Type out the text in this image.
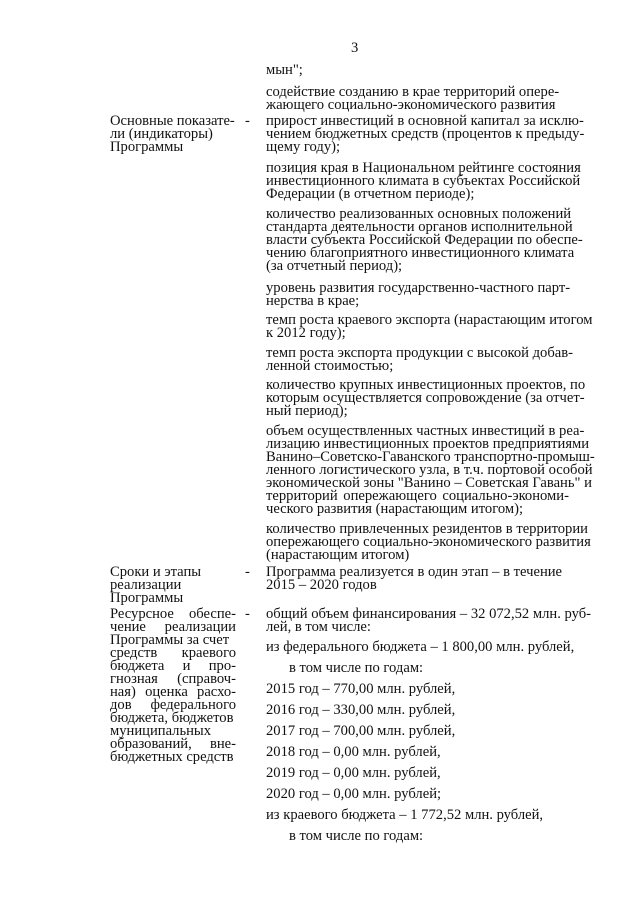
3
мын";
содействие созданию в крае территорий опере-
жающего социально-экономического развития
Основные показате-
ли (индикаторы)
Программы
- прирост инвестиций в основной капитал за исклю-
чением бюджетных средств (процентов к предыду-
щему году);
позиция края в Национальном рейтинге состояния
инвестиционного климата в субъектах Российской
Федерации (в отчетном периоде);
количество реализованных основных положений
стандарта деятельности органов исполнительной
власти субъекта Российской Федерации по обеспе-
чению благоприятного инвестиционного климата
(за отчетный период);
уровень развития государственно-частного парт-
нерства в крае;
темп роста краевого экспорта (нарастающим итогом
к 2012 году);
темп роста экспорта продукции с высокой добав-
ленной стоимостью;
количество крупных инвестиционных проектов, по
которым осуществляется сопровождение (за отчет-
ный период);
объем осуществленных частных инвестиций в реа-
лизацию инвестиционных проектов предприятиями
Ванино–Советско-Гаванского транспортно-промыш-
ленного логистического узла, в т.ч. портовой особой
экономической зоны "Ванино – Советская Гавань" и
территорий опережающего социально-экономи-
ческого развития (нарастающим итогом);
количество привлеченных резидентов в территории
опережающего социально-экономического развития
(нарастающим итогом)
Сроки и этапы
реализации
Программы
- Программа реализуется в один этап – в течение
2015 – 2020 годов
Ресурсное обеспе-
чение реализации
Программы за счет
средств краевого
бюджета и про-
гнозная (справоч-
ная) оценка расхо-
дов федерального
бюджета, бюджетов
муниципальных
образований, вне-
бюджетных средств
- общий объем финансирования – 32 072,52 млн. руб-
лей, в том числе:
из федерального бюджета – 1 800,00 млн. рублей,
в том числе по годам:
2015 год – 770,00 млн. рублей,
2016 год – 330,00 млн. рублей,
2017 год – 700,00 млн. рублей,
2018 год – 0,00 млн. рублей,
2019 год – 0,00 млн. рублей,
2020 год – 0,00 млн. рублей;
из краевого бюджета – 1 772,52 млн. рублей,
в том числе по годам:
